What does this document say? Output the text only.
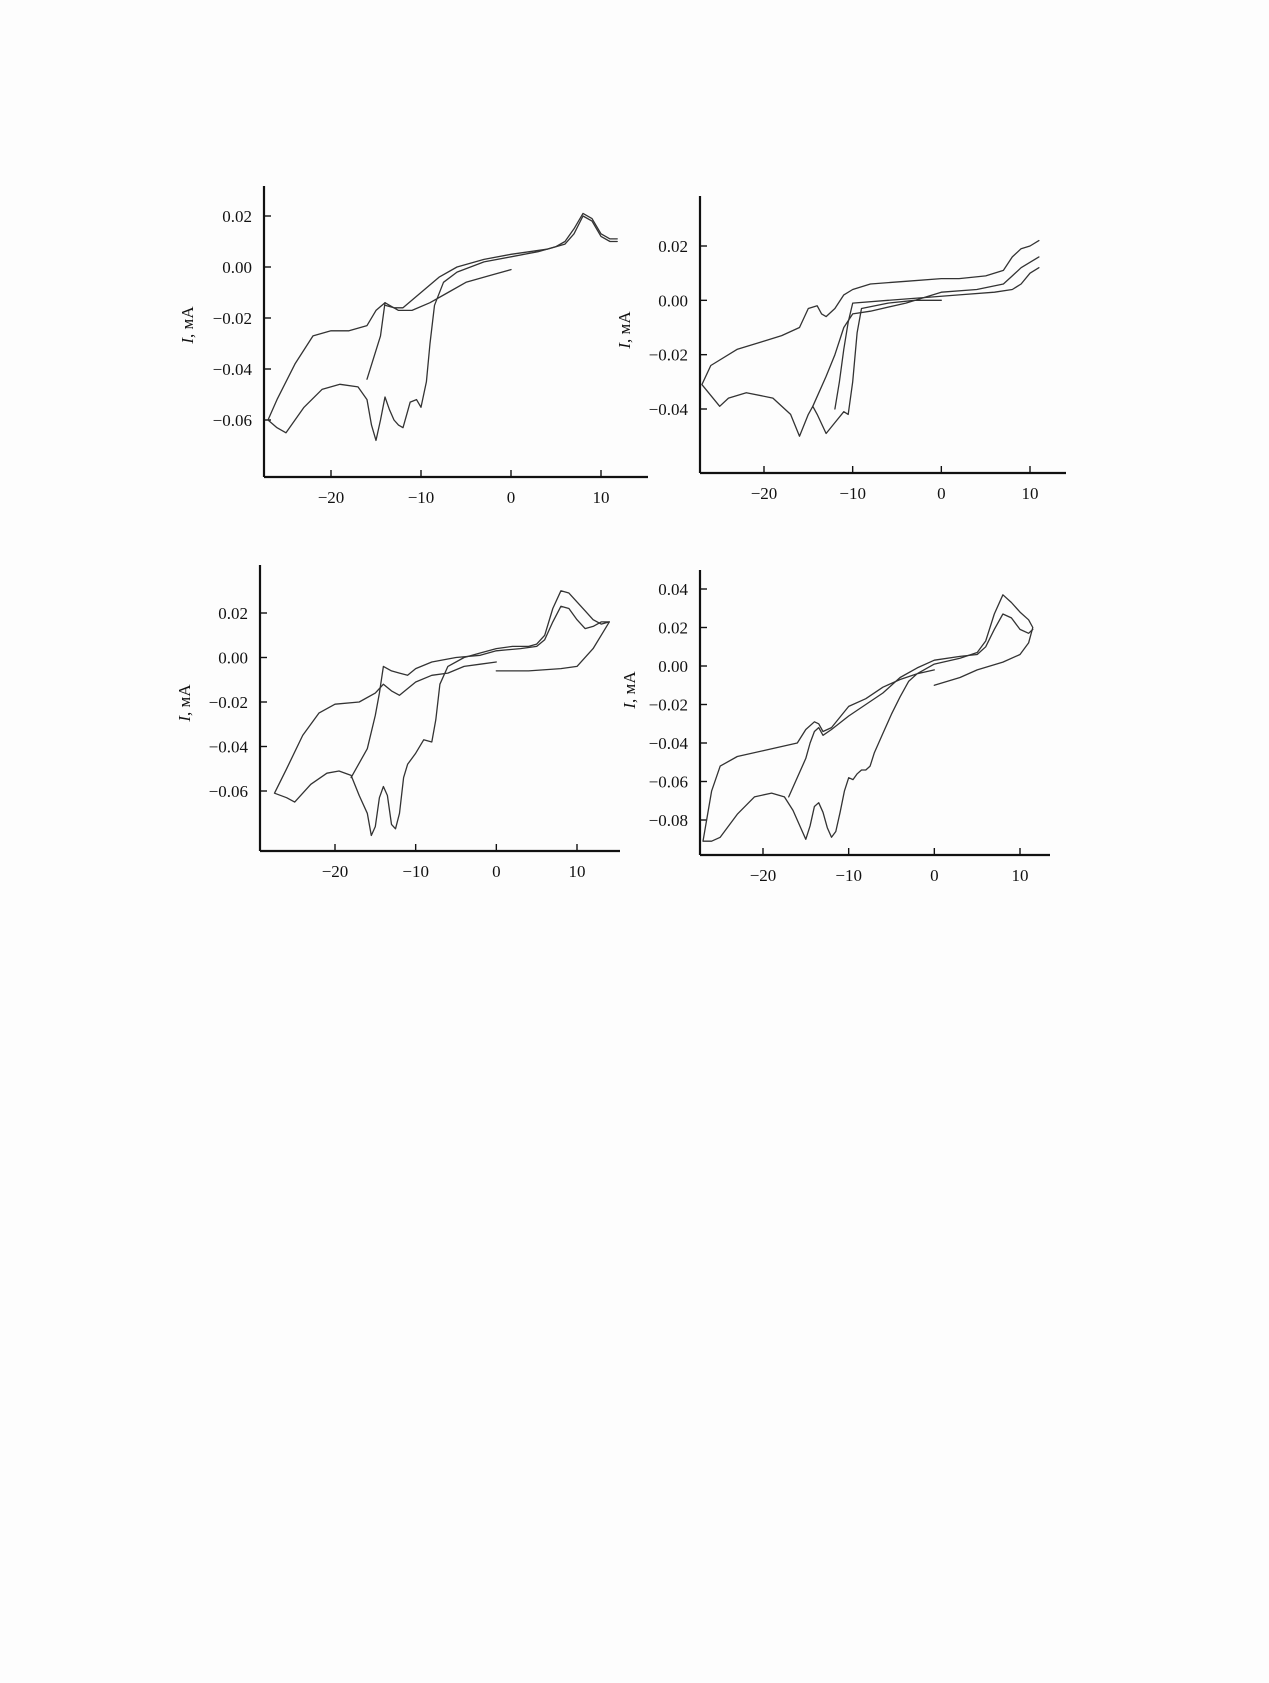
−20	−10	0	10
0.02
0.00
−0.02
−0.04
−0.06
I, мА
−20	−10	0	10
0.02
0.00
−0.02
−0.04
I, мА
−20	−10	0	10
0.02
0.00
−0.02
−0.04
−0.06
I, мА
−20	−10	0	10
0.04
0.02
0.00
−0.02
−0.04
−0.06
−0.08
I, мА
